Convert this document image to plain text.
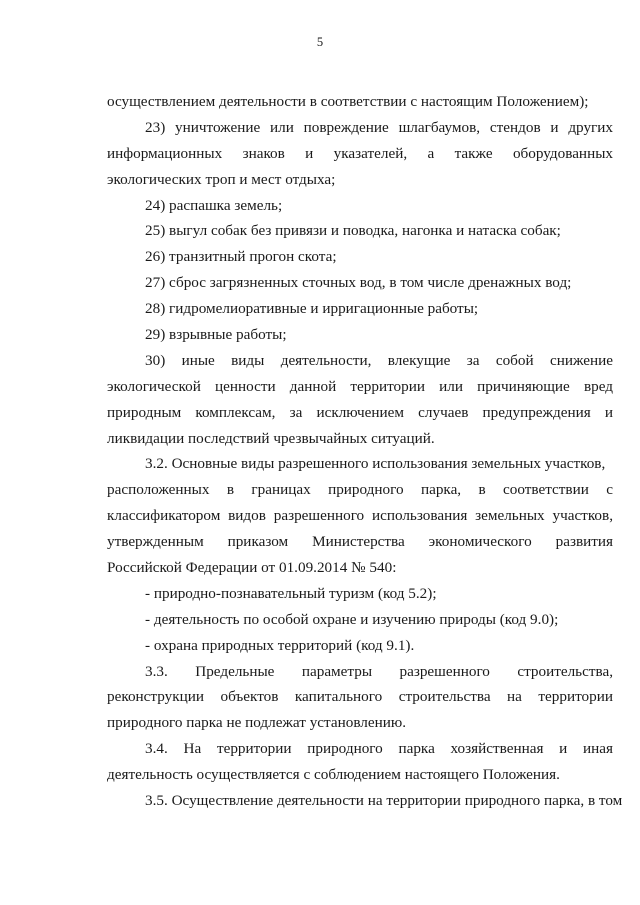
5
осуществлением деятельности в соответствии с настоящим Положением);
23) уничтожение или повреждение шлагбаумов, стендов и других
информационных знаков и указателей, а также оборудованных
экологических троп и мест отдыха;
24) распашка земель;
25) выгул собак без привязи и поводка, нагонка и натаска собак;
26) транзитный прогон скота;
27) сброс загрязненных сточных вод, в том числе дренажных вод;
28) гидромелиоративные и ирригационные работы;
29) взрывные работы;
30) иные виды деятельности, влекущие за собой снижение
экологической ценности данной территории или причиняющие вред
природным комплексам, за исключением случаев предупреждения и
ликвидации последствий чрезвычайных ситуаций.
3.2. Основные виды разрешенного использования земельных участков,
расположенных в границах природного парка, в соответствии с
классификатором видов разрешенного использования земельных участков,
утвержденным приказом Министерства экономического развития
Российской Федерации от 01.09.2014 № 540:
- природно-познавательный туризм (код 5.2);
- деятельность по особой охране и изучению природы (код 9.0);
- охрана природных территорий (код 9.1).
3.3. Предельные параметры разрешенного строительства,
реконструкции объектов капитального строительства на территории
природного парка не подлежат установлению.
3.4. На территории природного парка хозяйственная и иная
деятельность осуществляется с соблюдением настоящего Положения.
3.5. Осуществление деятельности на территории природного парка, в том
